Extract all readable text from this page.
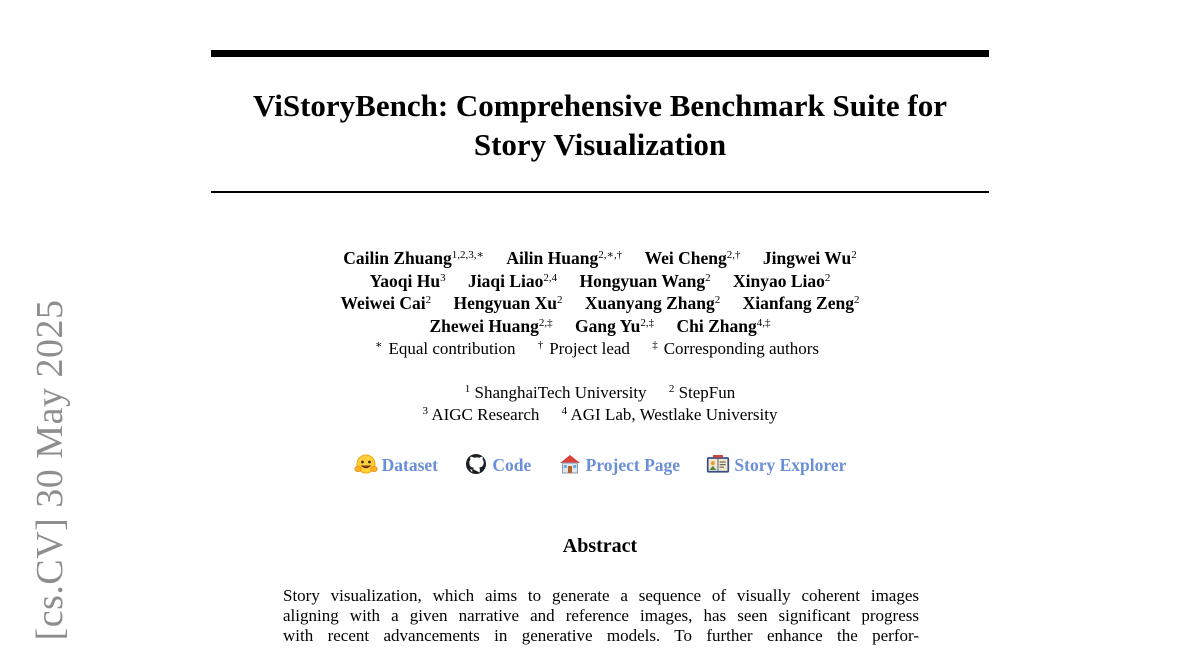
[cs.CV] 30 May 2025
ViStoryBench: Comprehensive Benchmark Suite for
Story Visualization
Cailin Zhuang$^{1,2,3,∗}$ Ailin Huang$^{2,∗,\dagger}$ Wei Cheng$^{2,\dagger}$ Jingwei Wu$^2$
Yaoqi Hu$^3$ Jiaqi Liao$^{2,4}$ Hongyuan Wang$^2$ Xinyao Liao$^2$
Weiwei Cai$^2$ Hengyuan Xu$^2$ Xuanyang Zhang$^2$ Xianfang Zeng$^2$
Zhewei Huang$^{2,\ddagger}$ Gang $Yu^{2,\ddagger}$ Chi Zhang$^{4,\ddagger}$
∗ Equal contribution † Project lead ‡ Corresponding authors
$^1$ ShanghaiTech University $^2$ StepFun
$^3$ AIGC Research $^4$ AGI Lab, Westlake University
Dataset	Code	Project Page	Story Explorer
Abstract
Story visualization, which aims to generate a sequence of visually coherent images
aligning with a given narrative and reference images, has seen significant progress
with recent advancements in generative models. To further enhance the perfor-
